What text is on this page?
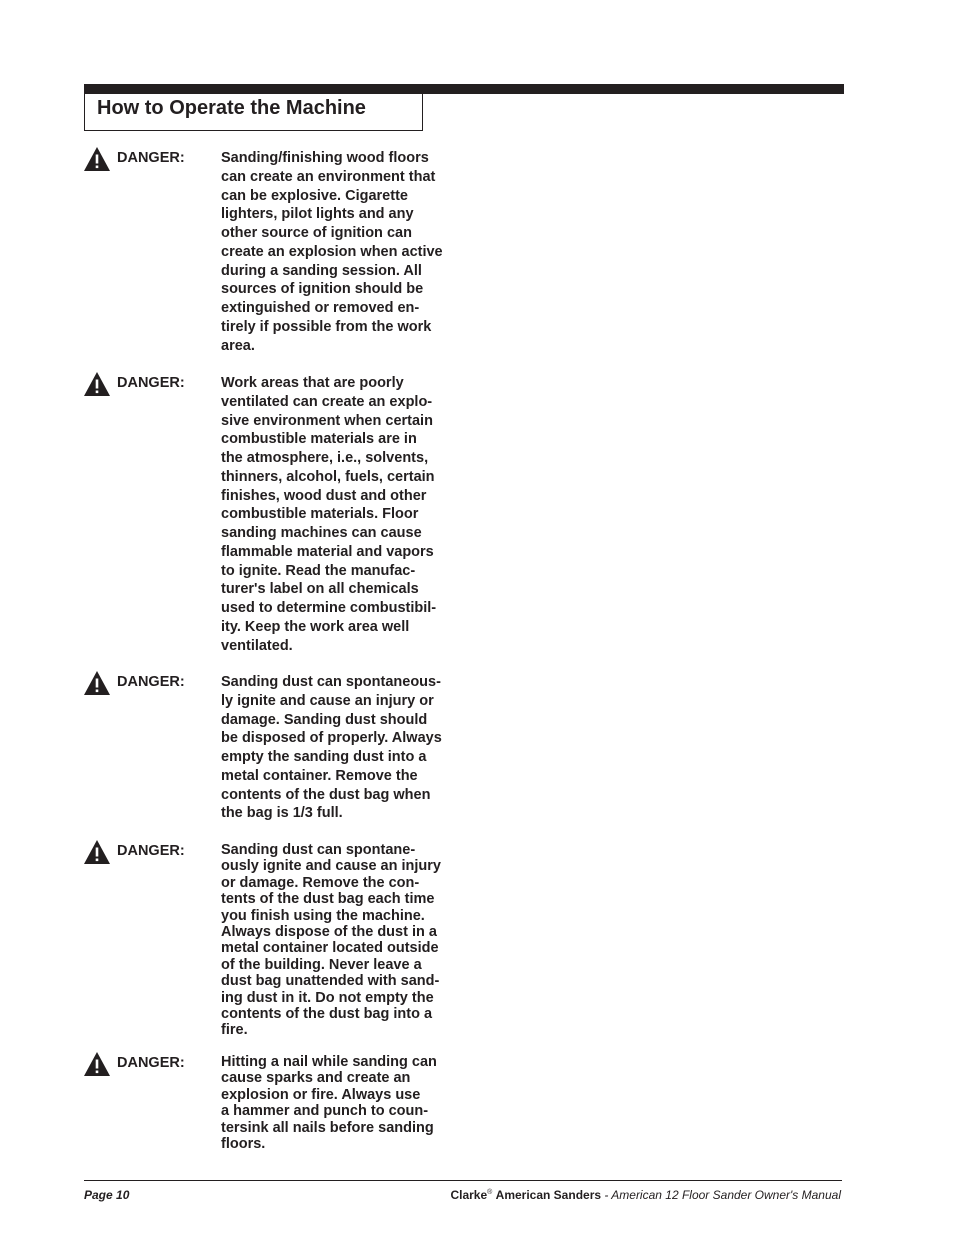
How to Operate the Machine
DANGER:	Sanding/finishing wood floors
can create an environment that
can be explosive. Cigarette
lighters, pilot lights and any
other source of ignition can
create an explosion when active
during a sanding session. All
sources of ignition should be
extinguished or removed en-
tirely if possible from the work
area.
DANGER:	Work areas that are poorly
ventilated can create an explo-
sive environment when certain
combustible materials are in
the atmosphere, i.e., solvents,
thinners, alcohol, fuels, certain
finishes, wood dust and other
combustible materials. Floor
sanding machines can cause
flammable material and vapors
to ignite. Read the manufac-
turer's label on all chemicals
used to determine combustibil-
ity. Keep the work area well
ventilated.
DANGER:	Sanding dust can spontaneous-
ly ignite and cause an injury or
damage. Sanding dust should
be disposed of properly. Always
empty the sanding dust into a
metal container. Remove the
contents of the dust bag when
the bag is 1/3 full.
DANGER:	Sanding dust can spontane-
ously ignite and cause an injury
or damage. Remove the con-
tents of the dust bag each time
you finish using the machine.
Always dispose of the dust in a
metal container located outside
of the building. Never leave a
dust bag unattended with sand-
ing dust in it. Do not empty the
contents of the dust bag into a
fire.
DANGER:	Hitting a nail while sanding can
cause sparks and create an
explosion or fire. Always use
a hammer and punch to coun-
tersink all nails before sanding
floors.
Page 10	Clarke® American Sanders - American 12 Floor Sander Owner's Manual
